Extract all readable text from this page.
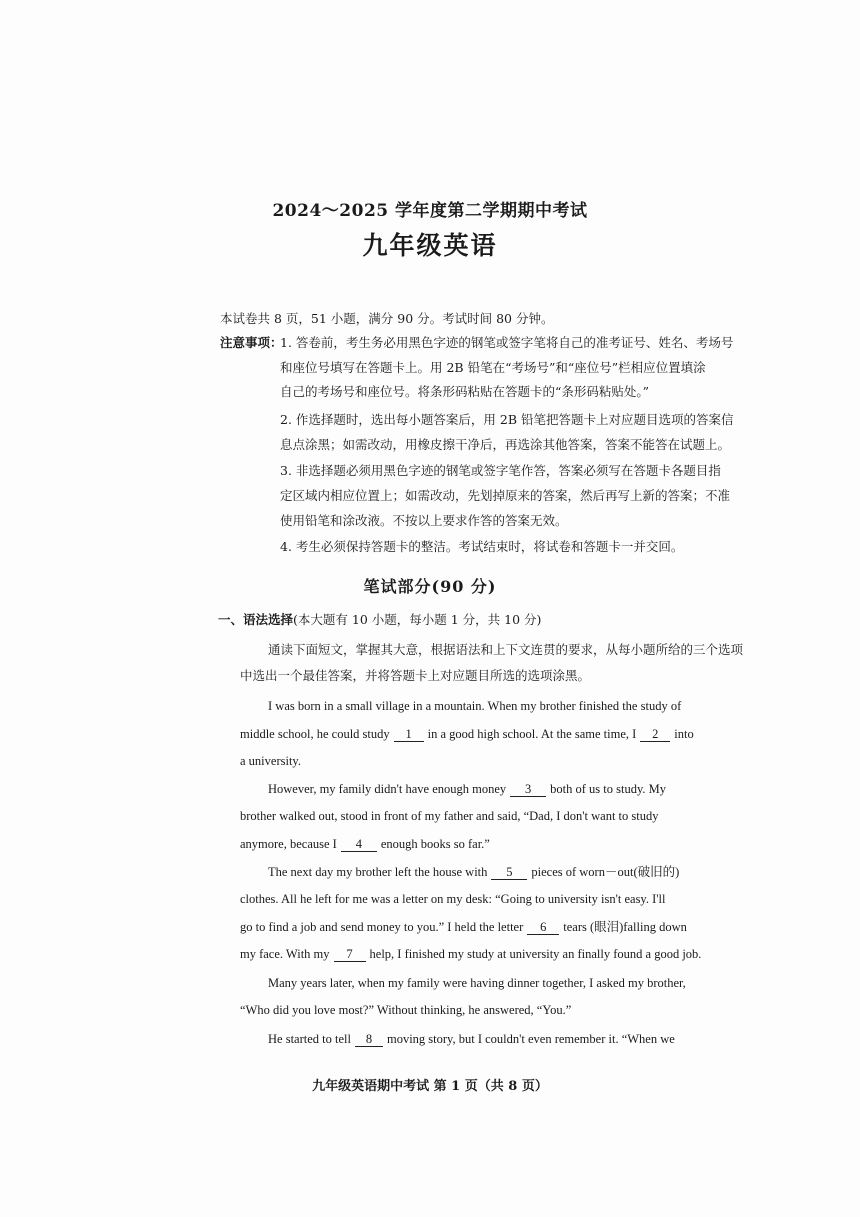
2024～2025 学年度第二学期期中考试
九年级英语
本试卷共 8 页，51 小题，满分 90 分。考试时间 80 分钟。
注意事项：
1. 答卷前，考生务必用黑色字迹的钢笔或签字笔将自己的准考证号、姓名、考场号
和座位号填写在答题卡上。用 2B 铅笔在“考场号”和“座位号”栏相应位置填涂
自己的考场号和座位号。将条形码粘贴在答题卡的“条形码粘贴处。”
2. 作选择题时，选出每小题答案后，用 2B 铅笔把答题卡上对应题目选项的答案信
息点涂黑；如需改动，用橡皮擦干净后，再选涂其他答案，答案不能答在试题上。
3. 非选择题必须用黑色字迹的钢笔或签字笔作答，答案必须写在答题卡各题目指
定区域内相应位置上；如需改动，先划掉原来的答案，然后再写上新的答案；不准
使用铅笔和涂改液。不按以上要求作答的答案无效。
4. 考生必须保持答题卡的整洁。考试结束时，将试卷和答题卡一并交回。
笔试部分(90 分)
一、语法选择(本大题有 10 小题，每小题 1 分，共 10 分)
通读下面短文，掌握其大意，根据语法和上下文连贯的要求，从每小题所给的三个选项
中选出一个最佳答案，并将答题卡上对应题目所选的选项涂黑。
I was born in a small village in a mountain. When my brother finished the study of
middle school, he could study 1 in a good high school. At the same time, I 2 into
a university.
However, my family didn't have enough money 3 both of us to study. My
brother walked out, stood in front of my father and said, “Dad, I don't want to study
anymore, because I 4 enough books so far.”
The next day my brother left the house with 5 pieces of worn－out(破旧的)
clothes. All he left for me was a letter on my desk: “Going to university isn't easy. I'll
go to find a job and send money to you.” I held the letter 6 tears (眼泪)falling down
my face. With my 7 help, I finished my study at university an finally found a good job.
Many years later, when my family were having dinner together, I asked my brother,
“Who did you love most?” Without thinking, he answered, “You.”
He started to tell 8 moving story, but I couldn't even remember it. “When we
九年级英语期中考试 第 1 页（共 8 页）
